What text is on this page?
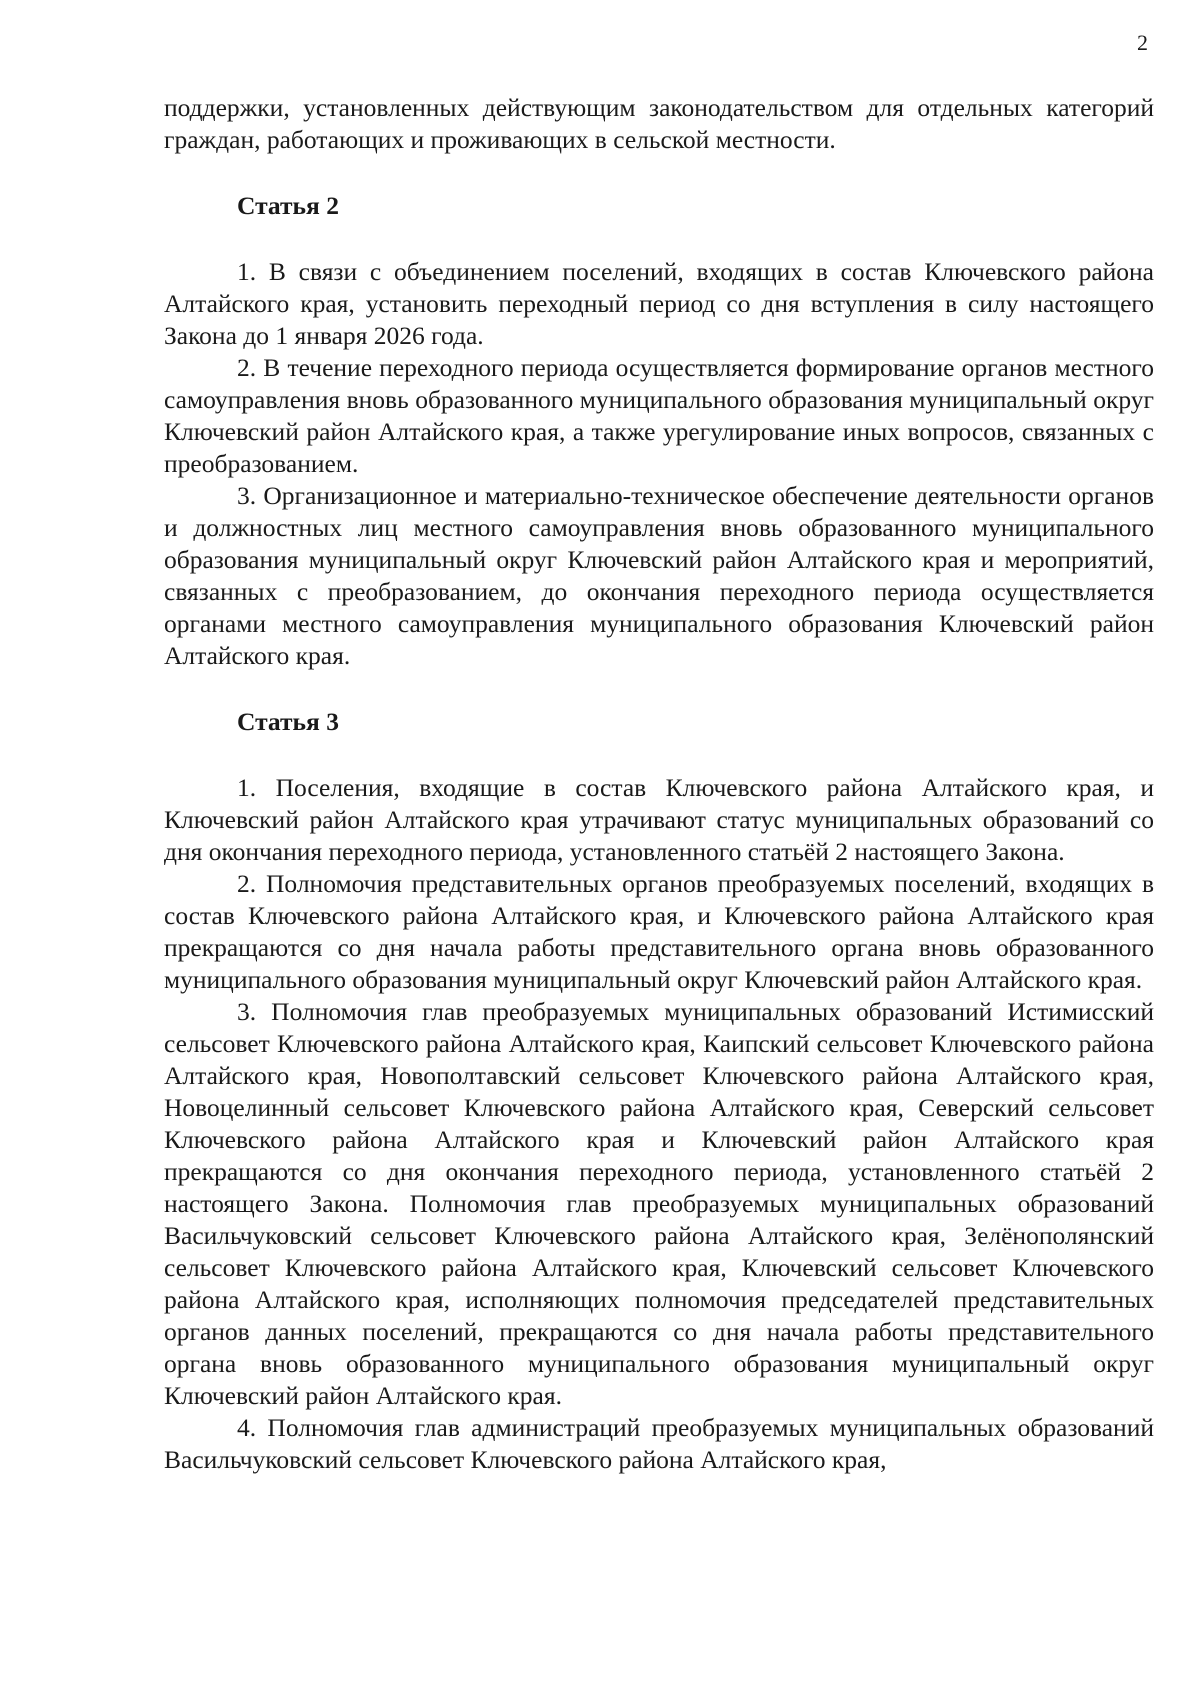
2

поддержки, установленных действующим законодательством для отдельных категорий граждан, работающих и проживающих в сельской местности.

Статья 2

1. В связи с объединением поселений, входящих в состав Ключевского района Алтайского края, установить переходный период со дня вступления в силу настоящего Закона до 1 января 2026 года.

2. В течение переходного периода осуществляется формирование органов местного самоуправления вновь образованного муниципального образования муниципальный округ Ключевский район Алтайского края, а также урегулирование иных вопросов, связанных с преобразованием.

3. Организационное и материально-техническое обеспечение деятельности органов и должностных лиц местного самоуправления вновь образованного муниципального образования муниципальный округ Ключевский район Алтайского края и мероприятий, связанных с преобразованием, до окончания переходного периода осуществляется органами местного самоуправления муниципального образования Ключевский район Алтайского края.

Статья 3

1. Поселения, входящие в состав Ключевского района Алтайского края, и Ключевский район Алтайского края утрачивают статус муниципальных образований со дня окончания переходного периода, установленного статьёй 2 настоящего Закона.

2. Полномочия представительных органов преобразуемых поселений, входящих в состав Ключевского района Алтайского края, и Ключевского района Алтайского края прекращаются со дня начала работы представительного органа вновь образованного муниципального образования муниципальный округ Ключевский район Алтайского края.

3. Полномочия глав преобразуемых муниципальных образований Истимисский сельсовет Ключевского района Алтайского края, Каипский сельсовет Ключевского района Алтайского края, Новополтавский сельсовет Ключевского района Алтайского края, Новоцелинный сельсовет Ключевского района Алтайского края, Северский сельсовет Ключевского района Алтайского края и Ключевский район Алтайского края прекращаются со дня окончания переходного периода, установленного статьёй 2 настоящего Закона. Полномочия глав преобразуемых муниципальных образований Васильчуковский сельсовет Ключевского района Алтайского края, Зелёнополянский сельсовет Ключевского района Алтайского края, Ключевский сельсовет Ключевского района Алтайского края, исполняющих полномочия председателей представительных органов данных поселений, прекращаются со дня начала работы представительного органа вновь образованного муниципального образования муниципальный округ Ключевский район Алтайского края.

4. Полномочия глав администраций преобразуемых муниципальных образований Васильчуковский сельсовет Ключевского района Алтайского края,
